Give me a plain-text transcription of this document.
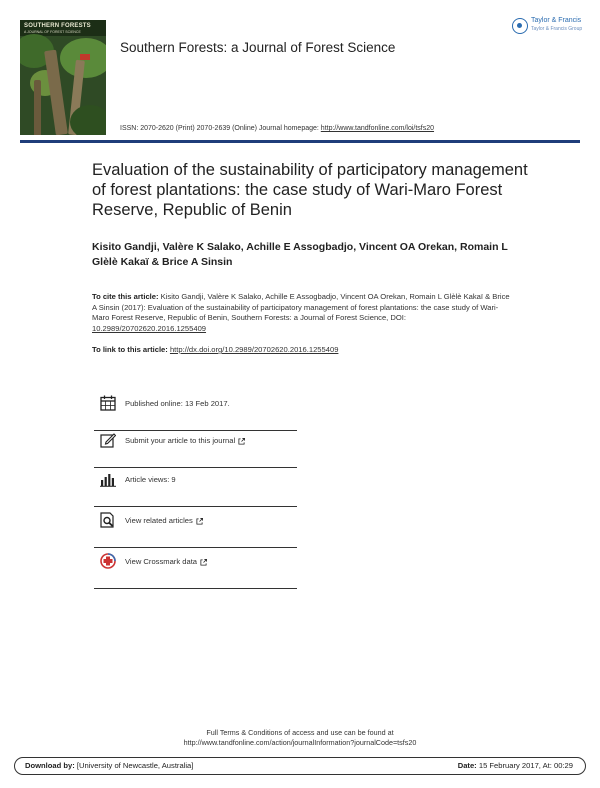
SOUTHERN FORESTS
A JOURNAL OF FOREST SCIENCE
Taylor & Francis
Taylor & Francis Group
Southern Forests: a Journal of Forest Science
ISSN: 2070-2620 (Print) 2070-2639 (Online) Journal homepage: http://www.tandfonline.com/loi/tsfs20
Evaluation of the sustainability of participatory management of forest plantations: the case study of Wari-Maro Forest Reserve, Republic of Benin
Kisito Gandji, Valère K Salako, Achille E Assogbadjo, Vincent OA Orekan, Romain L Glèlè Kakaï & Brice A Sinsin
To cite this article: Kisito Gandji, Valère K Salako, Achille E Assogbadjo, Vincent OA Orekan, Romain L Glèlè Kakaï & Brice A Sinsin (2017): Evaluation of the sustainability of participatory management of forest plantations: the case study of Wari-Maro Forest Reserve, Republic of Benin, Southern Forests: a Journal of Forest Science, DOI: 10.2989/20702620.2016.1255409
To link to this article: http://dx.doi.org/10.2989/20702620.2016.1255409
Published online: 13 Feb 2017.
Submit your article to this journal
Article views: 9
View related articles
View Crossmark data
Full Terms & Conditions of access and use can be found at
http://www.tandfonline.com/action/journalInformation?journalCode=tsfs20
Download by: [University of Newcastle, Australia]	Date: 15 February 2017, At: 00:29
